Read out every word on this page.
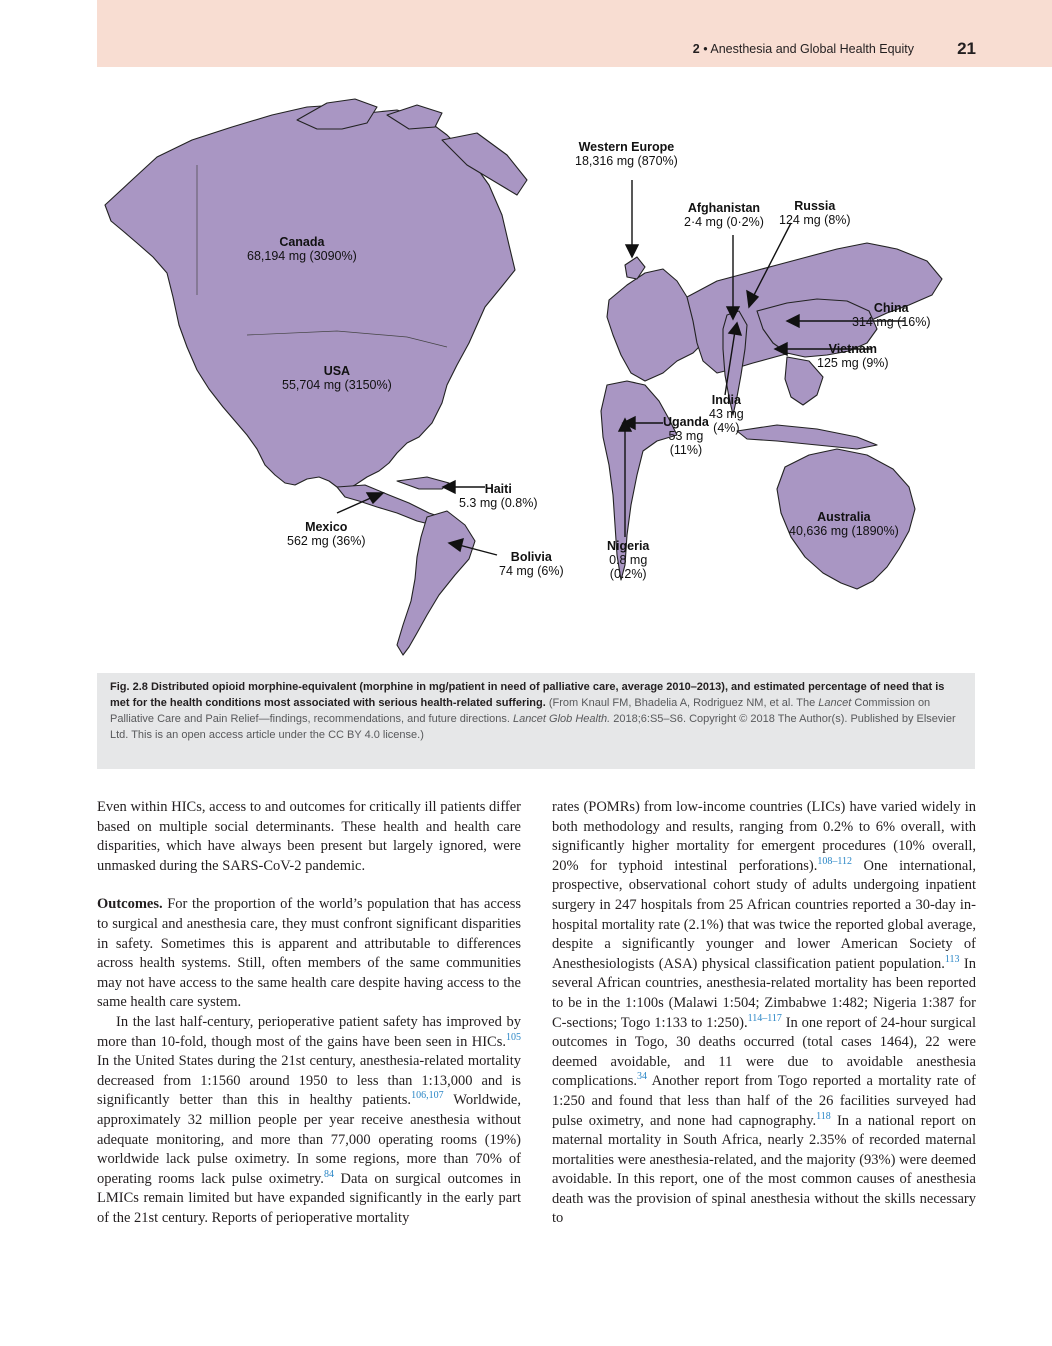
2 • Anesthesia and Global Health Equity	21
Western Europe
18,316 mg (870%)
Afghanistan
2·4 mg (0·2%)
Russia
124 mg (8%)
Canada
68,194 mg (3090%)
China
314 mg (16%)
Vietnam
125 mg (9%)
USA
55,704 mg (3150%)
India
43 mg
(4%)
Uganda
53 mg
(11%)
Haiti
5.3 mg (0.8%)
Australia
40,636 mg (1890%)
Mexico
562 mg (36%)	Nigeria
0.8 mg
(0.2%)
Bolivia
74 mg (6%)
Fig. 2.8 Distributed opioid morphine-equivalent (morphine in mg/patient in need of palliative care, average 2010–2013), and estimated percentage of need that is met for the health conditions most associated with serious health-related suffering. (From Knaul FM, Bhadelia A, Rodriguez NM, et al. The Lancet Commission on Palliative Care and Pain Relief—findings, recommendations, and future directions. Lancet Glob Health. 2018;6:S5–S6. Copyright © 2018 The Author(s). Published by Elsevier Ltd. This is an open access article under the CC BY 4.0 license.)

Even within HICs, access to and outcomes for critically ill patients differ based on multiple social determinants. These health and health care disparities, which have always been present but largely ignored, were unmasked during the SARS-CoV-2 pandemic.

Outcomes. For the proportion of the world’s population that has access to surgical and anesthesia care, they must confront significant disparities in safety. Sometimes this is apparent and attributable to differences across health systems. Still, often members of the same communities may not have access to the same health care despite having access to the same health care system.

In the last half-century, perioperative patient safety has improved by more than 10-fold, though most of the gains have been seen in HICs.$^{105}$ In the United States during the 21st century, anesthesia-related mortality decreased from 1:1560 around 1950 to less than 1:13,000 and is significantly better than this in healthy patients.$^{106,107}$ Worldwide, approximately 32 million people per year receive anesthesia without adequate monitoring, and more than 77,000 operating rooms (19%) worldwide lack pulse oximetry. In some regions, more than 70% of operating rooms lack pulse oximetry.$^{84}$ Data on surgical outcomes in LMICs remain limited but have expanded significantly in the early part of the 21st century. Reports of perioperative mortality

rates (POMRs) from low-income countries (LICs) have varied widely in both methodology and results, ranging from 0.2% to 6% overall, with significantly higher mortality for emergent procedures (10% overall, 20% for typhoid intestinal perforations).$^{108-112}$ One international, prospective, observational cohort study of adults undergoing inpatient surgery in 247 hospitals from 25 African countries reported a 30-day in-hospital mortality rate (2.1%) that was twice the reported global average, despite a significantly younger and lower American Society of Anesthesiologists (ASA) physical classification patient population.$^{113}$ In several African countries, anesthesia-related mortality has been reported to be in the 1:100s (Malawi 1:504; Zimbabwe 1:482; Nigeria 1:387 for C-sections; Togo 1:133 to 1:250).$^{114-117}$ In one report of 24-hour surgical outcomes in Togo, 30 deaths occurred (total cases 1464), 22 were deemed avoidable, and 11 were due to avoidable anesthesia complications.$^{34}$ Another report from Togo reported a mortality rate of 1:250 and found that less than half of the 26 facilities surveyed had pulse oximetry, and none had capnography.$^{118}$ In a national report on maternal mortality in South Africa, nearly 2.35% of recorded maternal mortalities were anesthesia-related, and the majority (93%) were deemed avoidable. In this report, one of the most common causes of anesthesia death was the provision of spinal anesthesia without the skills necessary to
